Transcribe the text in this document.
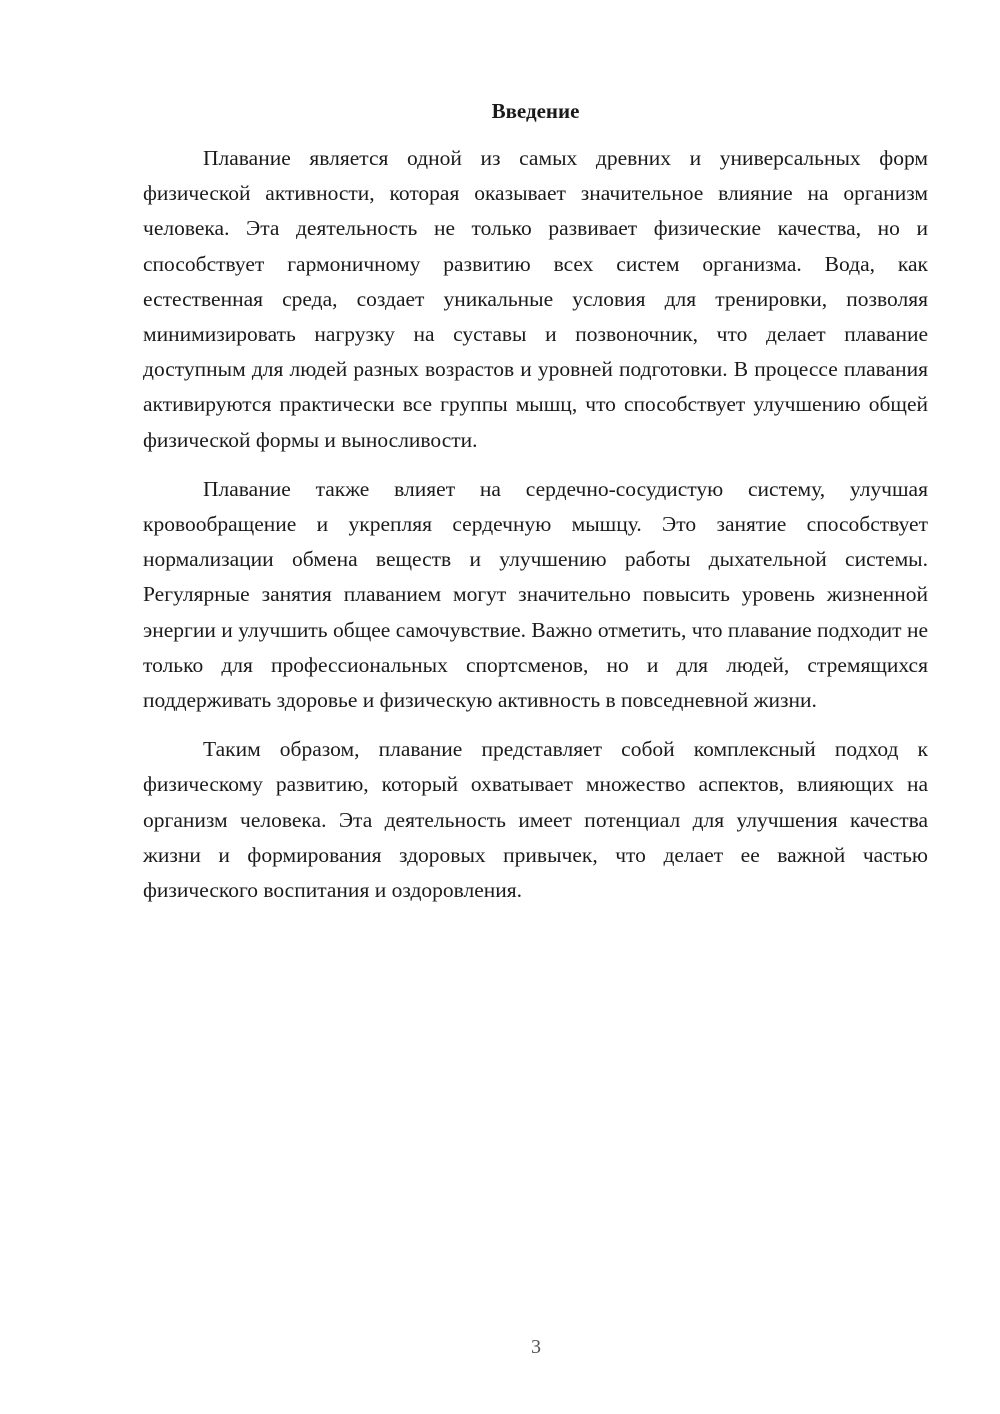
Введение

Плавание является одной из самых древних и универсальных форм физической активности, которая оказывает значительное влияние на организм человека. Эта деятельность не только развивает физические качества, но и способствует гармоничному развитию всех систем организма. Вода, как естественная среда, создает уникальные условия для тренировки, позволяя минимизировать нагрузку на суставы и позвоночник, что делает плавание доступным для людей разных возрастов и уровней подготовки. В процессе плавания активируются практически все группы мышц, что способствует улучшению общей физической формы и выносливости.

Плавание также влияет на сердечно-сосудистую систему, улучшая кровообращение и укрепляя сердечную мышцу. Это занятие способствует нормализации обмена веществ и улучшению работы дыхательной системы. Регулярные занятия плаванием могут значительно повысить уровень жизненной энергии и улучшить общее самочувствие. Важно отметить, что плавание подходит не только для профессиональных спортсменов, но и для людей, стремящихся поддерживать здоровье и физическую активность в повседневной жизни.

Таким образом, плавание представляет собой комплексный подход к физическому развитию, который охватывает множество аспектов, влияющих на организм человека. Эта деятельность имеет потенциал для улучшения качества жизни и формирования здоровых привычек, что делает ее важной частью физического воспитания и оздоровления.

3
